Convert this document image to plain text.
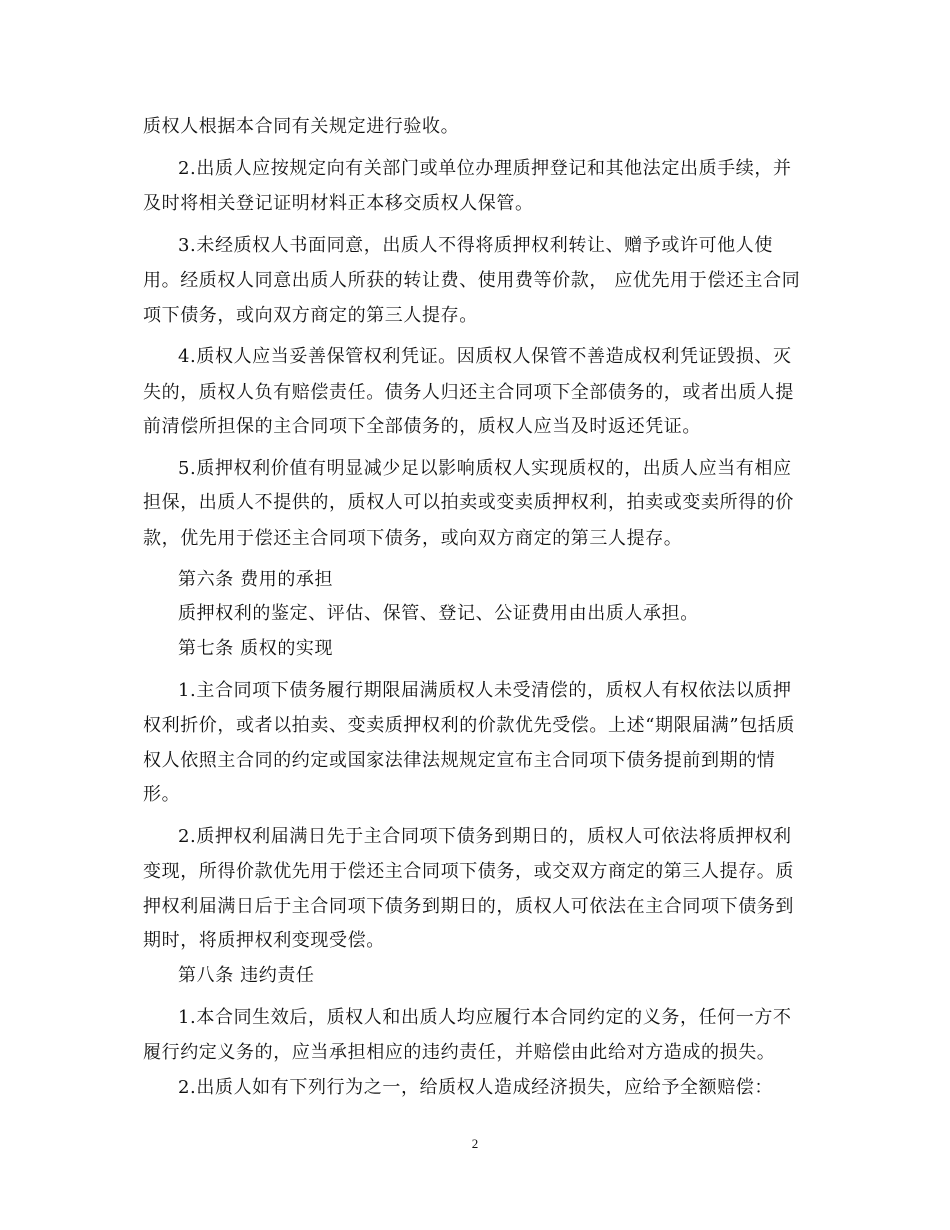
质权人根据本合同有关规定进行验收。
2.出质人应按规定向有关部门或单位办理质押登记和其他法定出质手续，并
及时将相关登记证明材料正本移交质权人保管。
3.未经质权人书面同意，出质人不得将质押权利转让、赠予或许可他人使
用。经质权人同意出质人所获的转让费、使用费等价款， 应优先用于偿还主合同
项下债务，或向双方商定的第三人提存。
4.质权人应当妥善保管权利凭证。因质权人保管不善造成权利凭证毁损、灭
失的，质权人负有赔偿责任。债务人归还主合同项下全部债务的，或者出质人提
前清偿所担保的主合同项下全部债务的，质权人应当及时返还凭证。
5.质押权利价值有明显减少足以影响质权人实现质权的，出质人应当有相应
担保，出质人不提供的，质权人可以拍卖或变卖质押权利，拍卖或变卖所得的价
款，优先用于偿还主合同项下债务，或向双方商定的第三人提存。
第六条 费用的承担
质押权利的鉴定、评估、保管、登记、公证费用由出质人承担。
第七条 质权的实现
1.主合同项下债务履行期限届满质权人未受清偿的，质权人有权依法以质押
权利折价，或者以拍卖、变卖质押权利的价款优先受偿。上述“期限届满”包括质
权人依照主合同的约定或国家法律法规规定宣布主合同项下债务提前到期的情
形。
2.质押权利届满日先于主合同项下债务到期日的，质权人可依法将质押权利
变现，所得价款优先用于偿还主合同项下债务，或交双方商定的第三人提存。质
押权利届满日后于主合同项下债务到期日的，质权人可依法在主合同项下债务到
期时，将质押权利变现受偿。
第八条 违约责任
1.本合同生效后，质权人和出质人均应履行本合同约定的义务，任何一方不
履行约定义务的，应当承担相应的违约责任，并赔偿由此给对方造成的损失。
2.出质人如有下列行为之一，给质权人造成经济损失，应给予全额赔偿：
2
